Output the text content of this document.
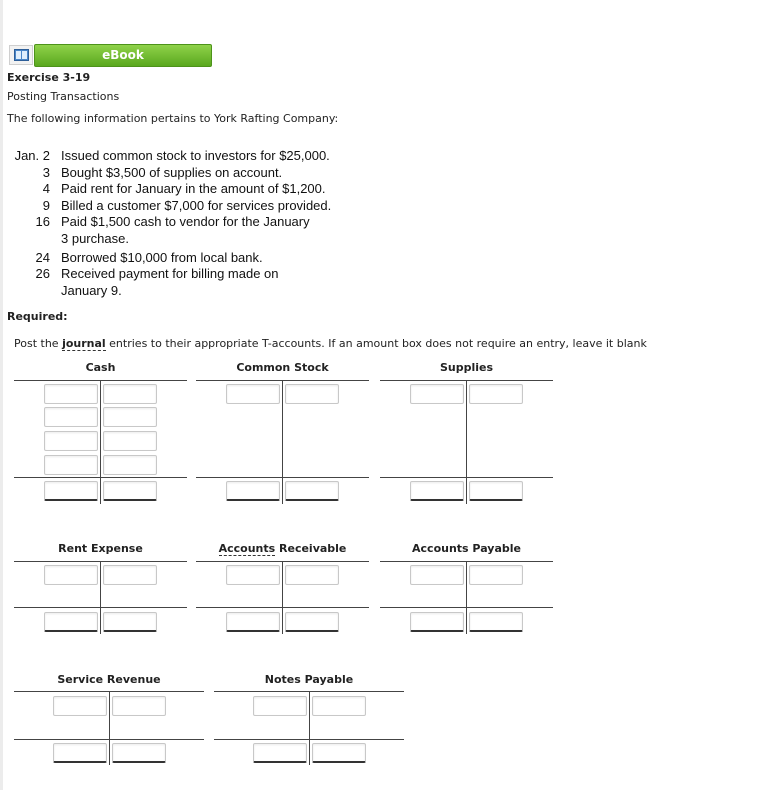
eBook
Exercise 3-19
Posting Transactions
The following information pertains to York Rafting Company:
Jan. 2 Issued common stock to investors for $25,000.
3 Bought $3,500 of supplies on account.
4 Paid rent for January in the amount of $1,200.
9 Billed a customer $7,000 for services provided.
16 Paid $1,500 cash to vendor for the January
3 purchase.
24 Borrowed $10,000 from local bank.
26 Received payment for billing made on
January 9.
Required:
Post the journal entries to their appropriate T-accounts. If an amount box does not require an entry, leave it blank
Cash	Common Stock	Supplies
Rent Expense	Accounts Receivable	Accounts Payable
Service Revenue	Notes Payable
